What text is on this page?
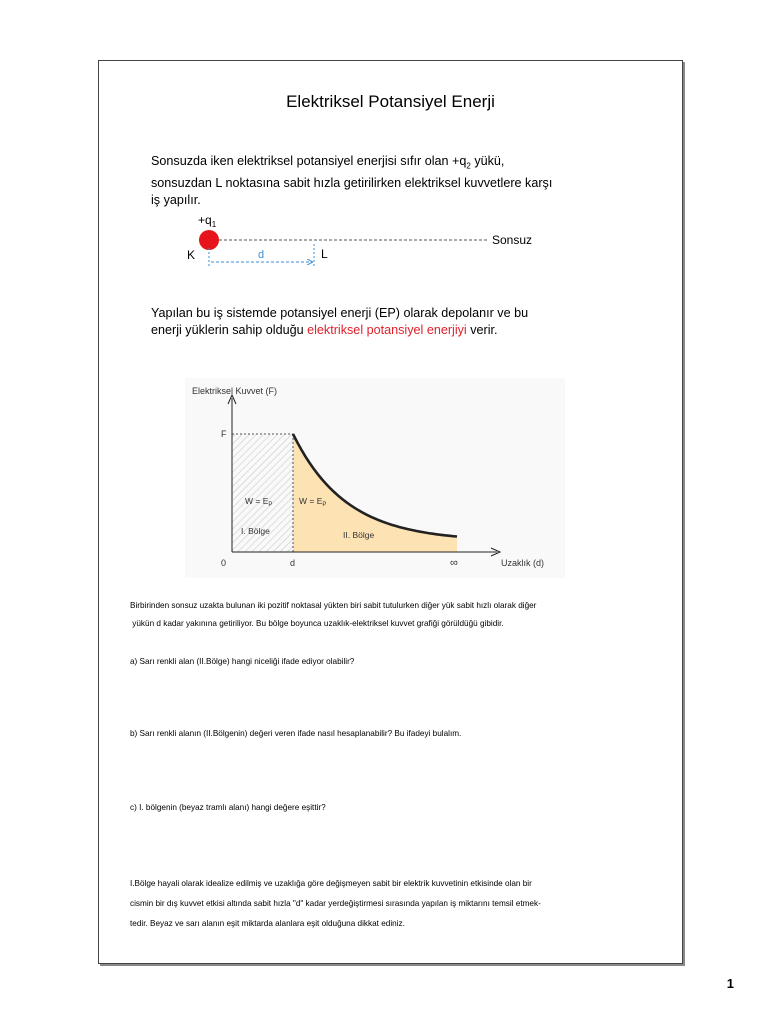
Elektriksel Potansiyel Enerji
Sonsuzda iken elektriksel potansiyel enerjisi sıfır olan $+q_2$ yükü,
sonsuzdan L noktasına sabit hızla getirilirken elektriksel kuvvetlere karşı
iş yapılır.
$+q_1$
Sonsuz
K	d	L
Yapılan bu iş sistemde potansiyel enerji (EP) olarak depolanır ve bu
enerji yüklerin sahip olduğu elektriksel potansiyel enerjiyi verir.
Elektriksel Kuvvet (F)
F
0	d	∞	Uzaklık (d)
$W = E_P$
I. Bölge
$W = E_P$
II. Bölge
Birbirinden sonsuz uzakta bulunan iki pozitif noktasal yükten biri sabit tutulurken diğer yük sabit hızlı olarak diğer
yükün d kadar yakınına getiriliyor. Bu bölge boyunca uzaklık-elektriksel kuvvet grafiği görüldüğü gibidir.
a) Sarı renkli alan (II.Bölge) hangi niceliği ifade ediyor olabilir?
b) Sarı renkli alanın (II.Bölgenin) değeri veren ifade nasıl hesaplanabilir? Bu ifadeyi bulalım.
c) I. bölgenin (beyaz tramlı alanı) hangi değere eşittir?
I.Bölge hayali olarak idealize edilmiş ve uzaklığa göre değişmeyen sabit bir elektrik kuvvetinin etkisinde olan bir
cismin bir dış kuvvet etkisi altında sabit hızla "d" kadar yerdeğiştirmesi sırasında yapılan iş miktarını temsil etmek-
tedir. Beyaz ve sarı alanın eşit miktarda alanlara eşit olduğuna dikkat ediniz.
1
